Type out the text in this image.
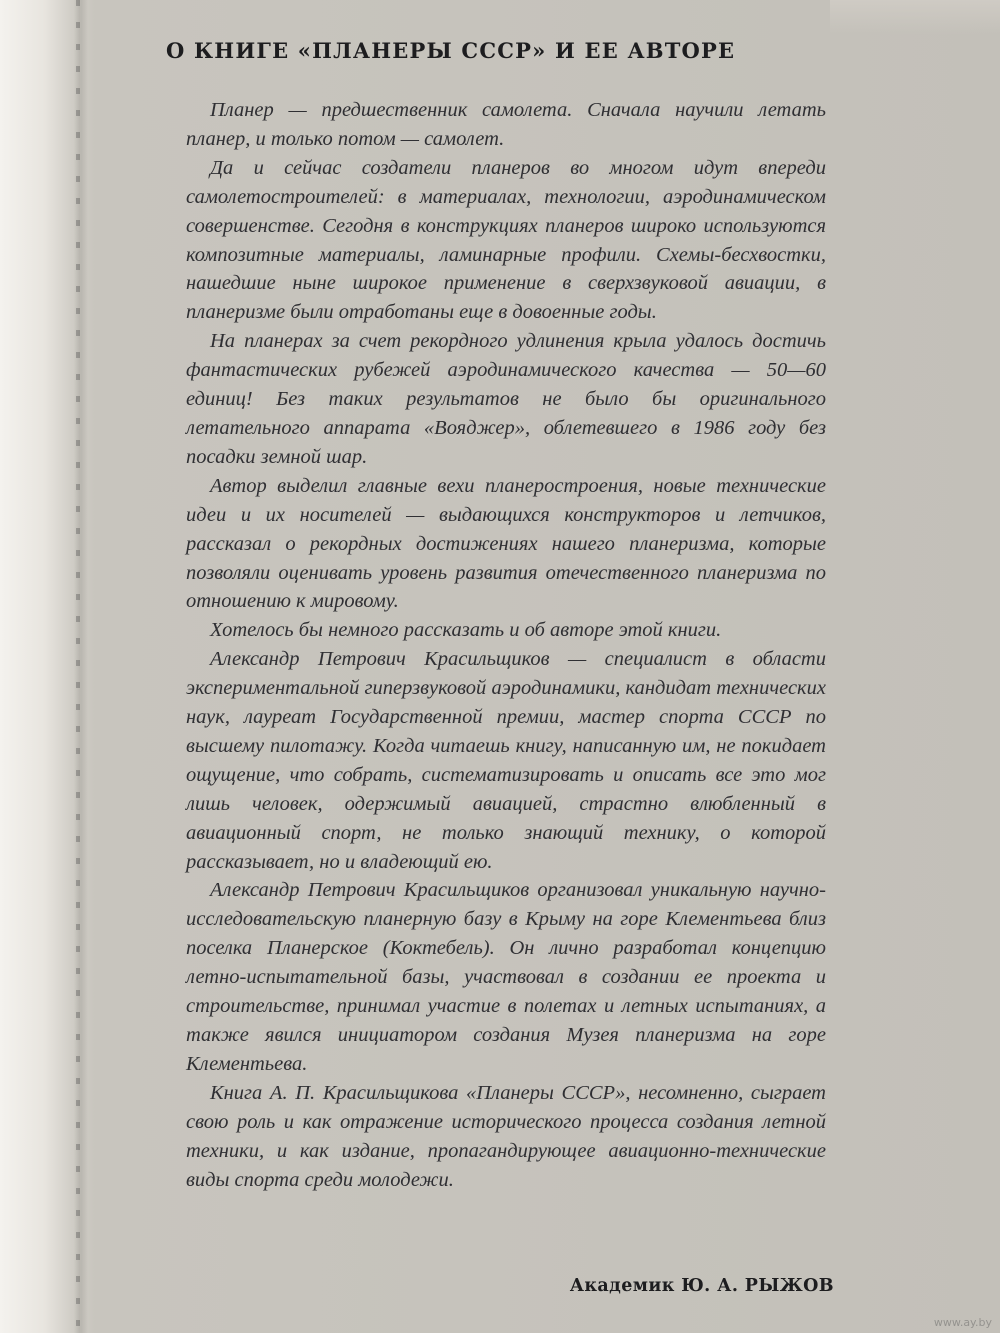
О КНИГЕ «ПЛАНЕРЫ СССР» И ЕЕ АВТОРЕ

Планер — предшественник самолета. Сначала научили летать планер, и только потом — самолет.

Да и сейчас создатели планеров во многом идут впереди самолетостроителей: в материалах, технологии, аэродинамическом совершенстве. Сегодня в конструкциях планеров широко используются композитные материалы, ламинарные профили. Схемы-бесхвостки, нашедшие ныне широкое применение в сверхзвуковой авиации, в планеризме были отработаны еще в довоенные годы.

На планерах за счет рекордного удлинения крыла удалось достичь фантастических рубежей аэродинамического качества — 50—60 единиц! Без таких результатов не было бы оригинального летательного аппарата «Вояджер», облетевшего в 1986 году без посадки земной шар.

Автор выделил главные вехи планеростроения, новые технические идеи и их носителей — выдающихся конструкторов и летчиков, рассказал о рекордных достижениях нашего планеризма, которые позволяли оценивать уровень развития отечественного планеризма по отношению к мировому.

Хотелось бы немного рассказать и об авторе этой книги.

Александр Петрович Красильщиков — специалист в области экспериментальной гиперзвуковой аэродинамики, кандидат технических наук, лауреат Государственной премии, мастер спорта СССР по высшему пилотажу. Когда читаешь книгу, написанную им, не покидает ощущение, что собрать, систематизировать и описать все это мог лишь человек, одержимый авиацией, страстно влюбленный в авиационный спорт, не только знающий технику, о которой рассказывает, но и владеющий ею.

Александр Петрович Красильщиков организовал уникальную научно-исследовательскую планерную базу в Крыму на горе Клементьева близ поселка Планерское (Коктебель). Он лично разработал концепцию летно-испытательной базы, участвовал в создании ее проекта и строительстве, принимал участие в полетах и летных испытаниях, а также явился инициатором создания Музея планеризма на горе Клементьева.

Книга А. П. Красильщикова «Планеры СССР», несомненно, сыграет свою роль и как отражение исторического процесса создания летной техники, и как издание, пропагандирующее авиационно-технические виды спорта среди молодежи.

Академик Ю. А. РЫЖОВ
www.ay.by
